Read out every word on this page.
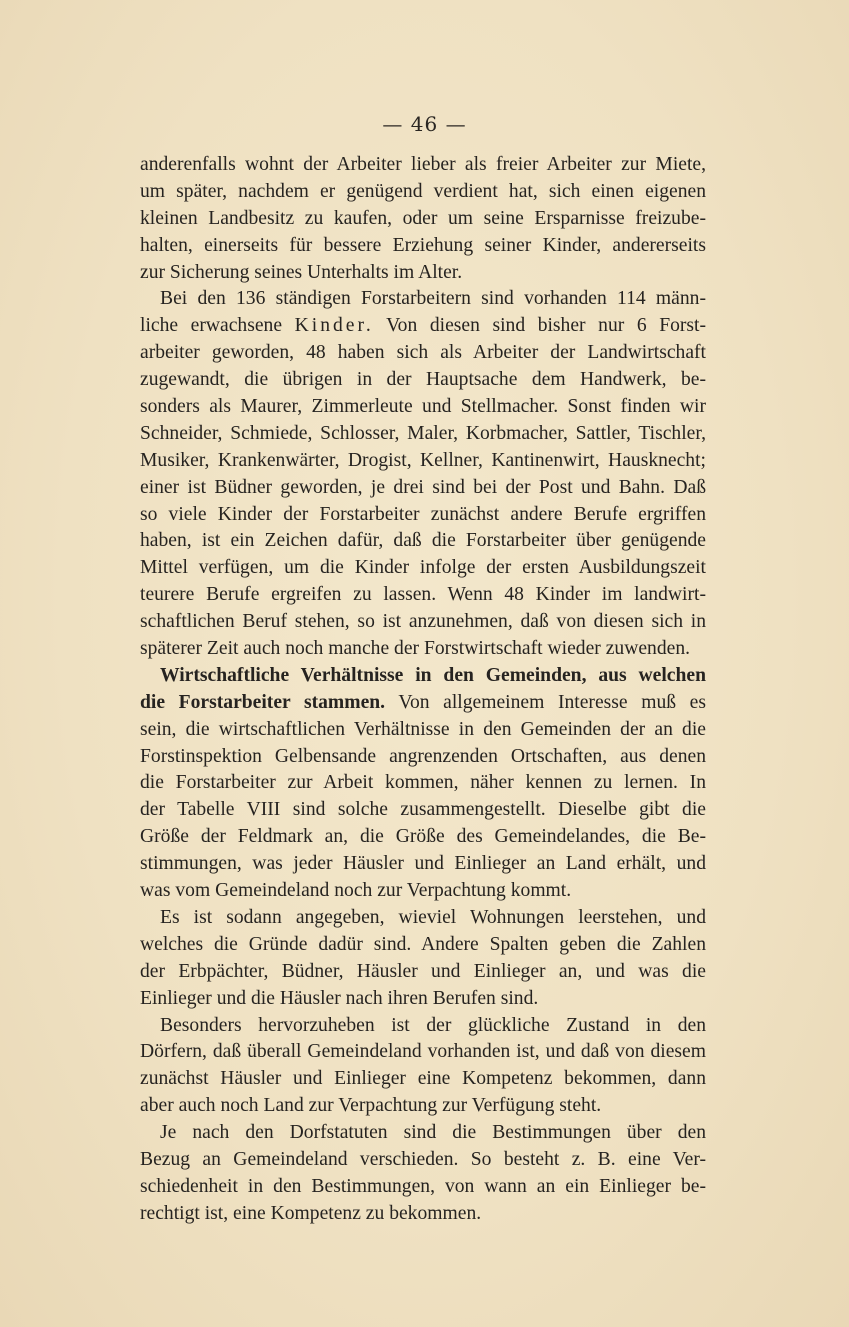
— 46 —
anderenfalls wohnt der Arbeiter lieber als freier Arbeiter zur Miete,
um später, nachdem er genügend verdient hat, sich einen eigenen
kleinen Landbesitz zu kaufen, oder um seine Ersparnisse freizube-
halten, einerseits für bessere Erziehung seiner Kinder, andererseits
zur Sicherung seines Unterhalts im Alter.
Bei den 136 ständigen Forstarbeitern sind vorhanden 114 männ-
liche erwachsene Kinder. Von diesen sind bisher nur 6 Forst-
arbeiter geworden, 48 haben sich als Arbeiter der Landwirtschaft
zugewandt, die übrigen in der Hauptsache dem Handwerk, be-
sonders als Maurer, Zimmerleute und Stellmacher. Sonst finden wir
Schneider, Schmiede, Schlosser, Maler, Korbmacher, Sattler, Tischler,
Musiker, Krankenwärter, Drogist, Kellner, Kantinenwirt, Hausknecht;
einer ist Büdner geworden, je drei sind bei der Post und Bahn. Daß
so viele Kinder der Forstarbeiter zunächst andere Berufe ergriffen
haben, ist ein Zeichen dafür, daß die Forstarbeiter über genügende
Mittel verfügen, um die Kinder infolge der ersten Ausbildungszeit
teurere Berufe ergreifen zu lassen. Wenn 48 Kinder im landwirt-
schaftlichen Beruf stehen, so ist anzunehmen, daß von diesen sich in
späterer Zeit auch noch manche der Forstwirtschaft wieder zuwenden.
Wirtschaftliche Verhältnisse in den Gemeinden, aus welchen
die Forstarbeiter stammen. Von allgemeinem Interesse muß es
sein, die wirtschaftlichen Verhältnisse in den Gemeinden der an die
Forstinspektion Gelbensande angrenzenden Ortschaften, aus denen
die Forstarbeiter zur Arbeit kommen, näher kennen zu lernen. In
der Tabelle VIII sind solche zusammengestellt. Dieselbe gibt die
Größe der Feldmark an, die Größe des Gemeindelandes, die Be-
stimmungen, was jeder Häusler und Einlieger an Land erhält, und
was vom Gemeindeland noch zur Verpachtung kommt.
Es ist sodann angegeben, wieviel Wohnungen leerstehen, und
welches die Gründe dadür sind. Andere Spalten geben die Zahlen
der Erbpächter, Büdner, Häusler und Einlieger an, und was die
Einlieger und die Häusler nach ihren Berufen sind.
Besonders hervorzuheben ist der glückliche Zustand in den
Dörfern, daß überall Gemeindeland vorhanden ist, und daß von diesem
zunächst Häusler und Einlieger eine Kompetenz bekommen, dann
aber auch noch Land zur Verpachtung zur Verfügung steht.
Je nach den Dorfstatuten sind die Bestimmungen über den
Bezug an Gemeindeland verschieden. So besteht z. B. eine Ver-
schiedenheit in den Bestimmungen, von wann an ein Einlieger be-
rechtigt ist, eine Kompetenz zu bekommen.
